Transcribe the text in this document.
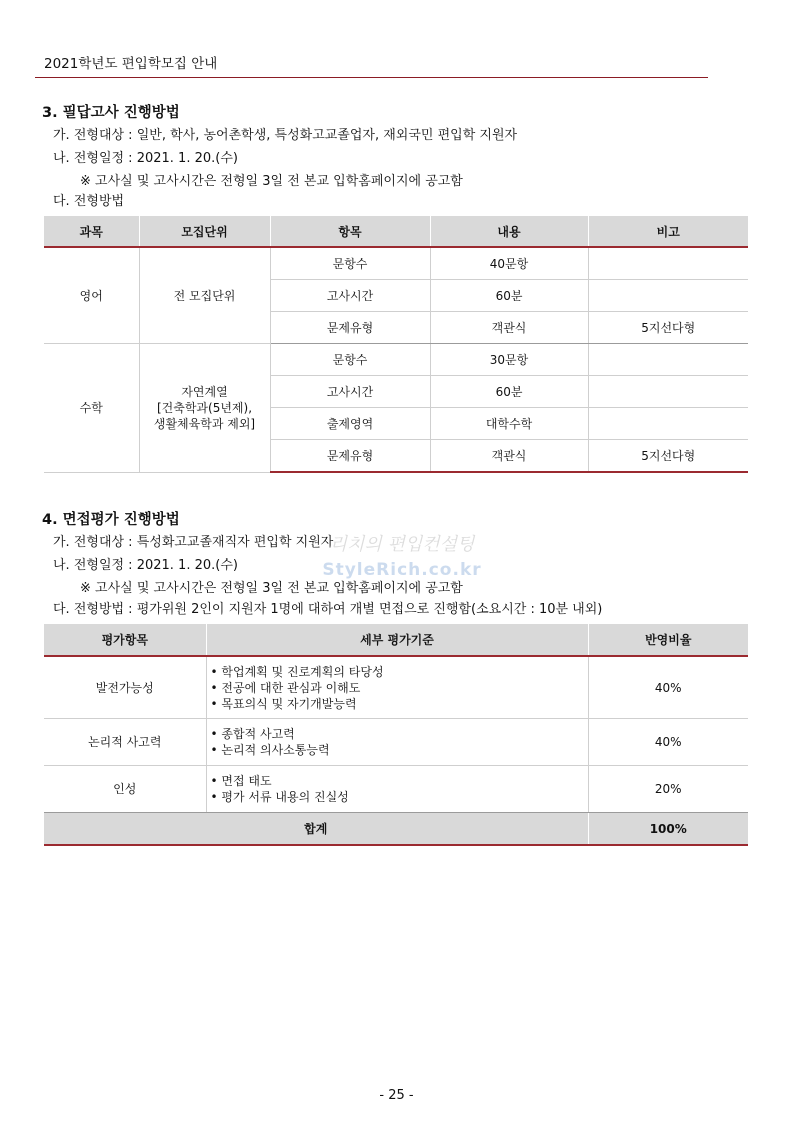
2021학년도 편입학모집 안내
3. 필답고사 진행방법
가. 전형대상 : 일반, 학사, 농어촌학생, 특성화고교졸업자, 재외국민 편입학 지원자
나. 전형일정 : 2021. 1. 20.(수)
※ 고사실 및 고사시간은 전형일 3일 전 본교 입학홈페이지에 공고함
다. 전형방법
과목	모집단위	항목	내용	비고
영어	전 모집단위	문항수	40문항	
		고사시간	60분	
		문제유형	객관식	5지선다형
수학	자연계열
[건축학과(5년제),
생활체육학과 제외]	문항수	30문항	
		고사시간	60분	
		출제영역	대학수학	
		문제유형	객관식	5지선다형
4. 면접평가 진행방법
가. 전형대상 : 특성화고교졸재직자 편입학 지원자
나. 전형일정 : 2021. 1. 20.(수)
※ 고사실 및 고사시간은 전형일 3일 전 본교 입학홈페이지에 공고함
다. 전형방법 : 평가위원 2인이 지원자 1명에 대하여 개별 면접으로 진행함(소요시간 : 10분 내외)
평가항목	세부 평가기준	반영비율
발전가능성	• 학업계획 및 진로계획의 타당성
• 전공에 대한 관심과 이해도
• 목표의식 및 자기개발능력	40%
논리적 사고력	• 종합적 사고력
• 논리적 의사소통능력	40%
인성	• 면접 태도
• 평가 서류 내용의 진실성	20%
합계		100%
리치의 편입컨설팅
StyleRich.co.kr
- 25 -
